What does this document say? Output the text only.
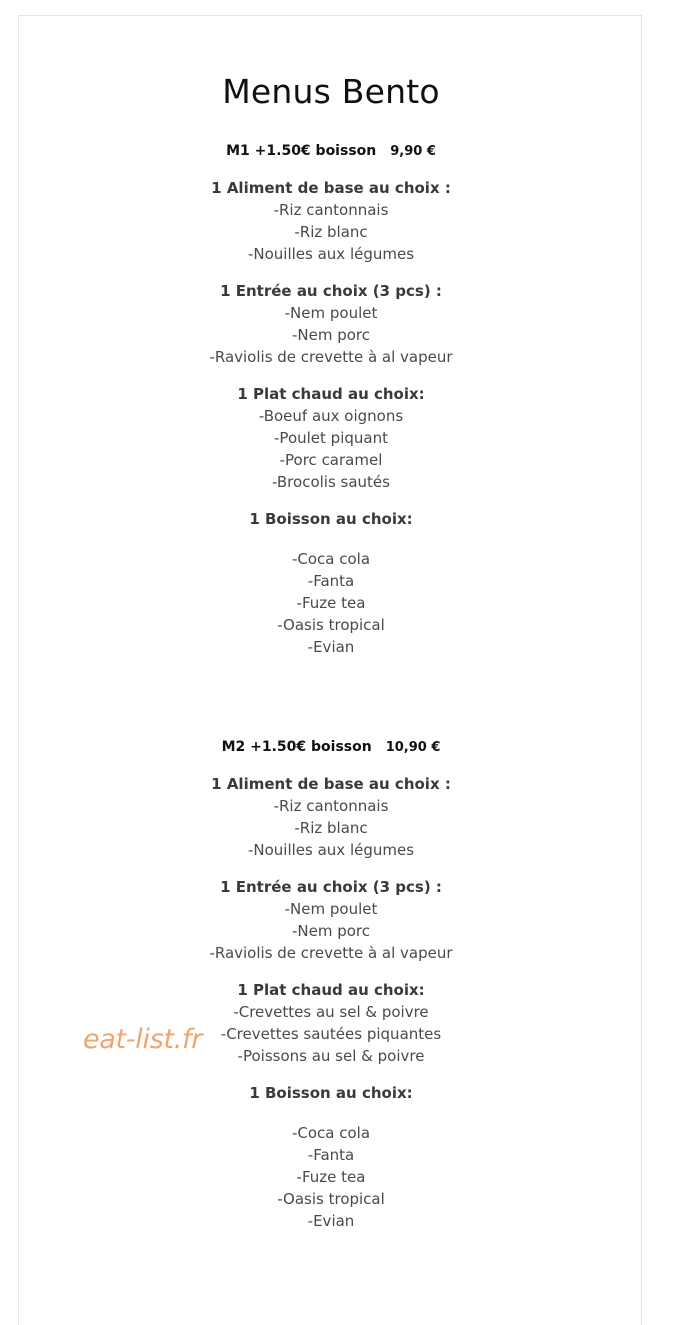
Menus Bento
M1 +1.50€ boisson 9,90 €
1 Aliment de base au choix :
-Riz cantonnais
-Riz blanc
-Nouilles aux légumes
1 Entrée au choix (3 pcs) :
-Nem poulet
-Nem porc
-Raviolis de crevette à al vapeur
1 Plat chaud au choix:
-Boeuf aux oignons
-Poulet piquant
-Porc caramel
-Brocolis sautés
1 Boisson au choix:
-Coca cola
-Fanta
-Fuze tea
-Oasis tropical
-Evian
M2 +1.50€ boisson 10,90 €
1 Aliment de base au choix :
-Riz cantonnais
-Riz blanc
-Nouilles aux légumes
1 Entrée au choix (3 pcs) :
-Nem poulet
-Nem porc
-Raviolis de crevette à al vapeur
1 Plat chaud au choix:
-Crevettes au sel & poivre
-Crevettes sautées piquantes
-Poissons au sel & poivre
1 Boisson au choix:
-Coca cola
-Fanta
-Fuze tea
-Oasis tropical
-Evian
eat-list.fr
